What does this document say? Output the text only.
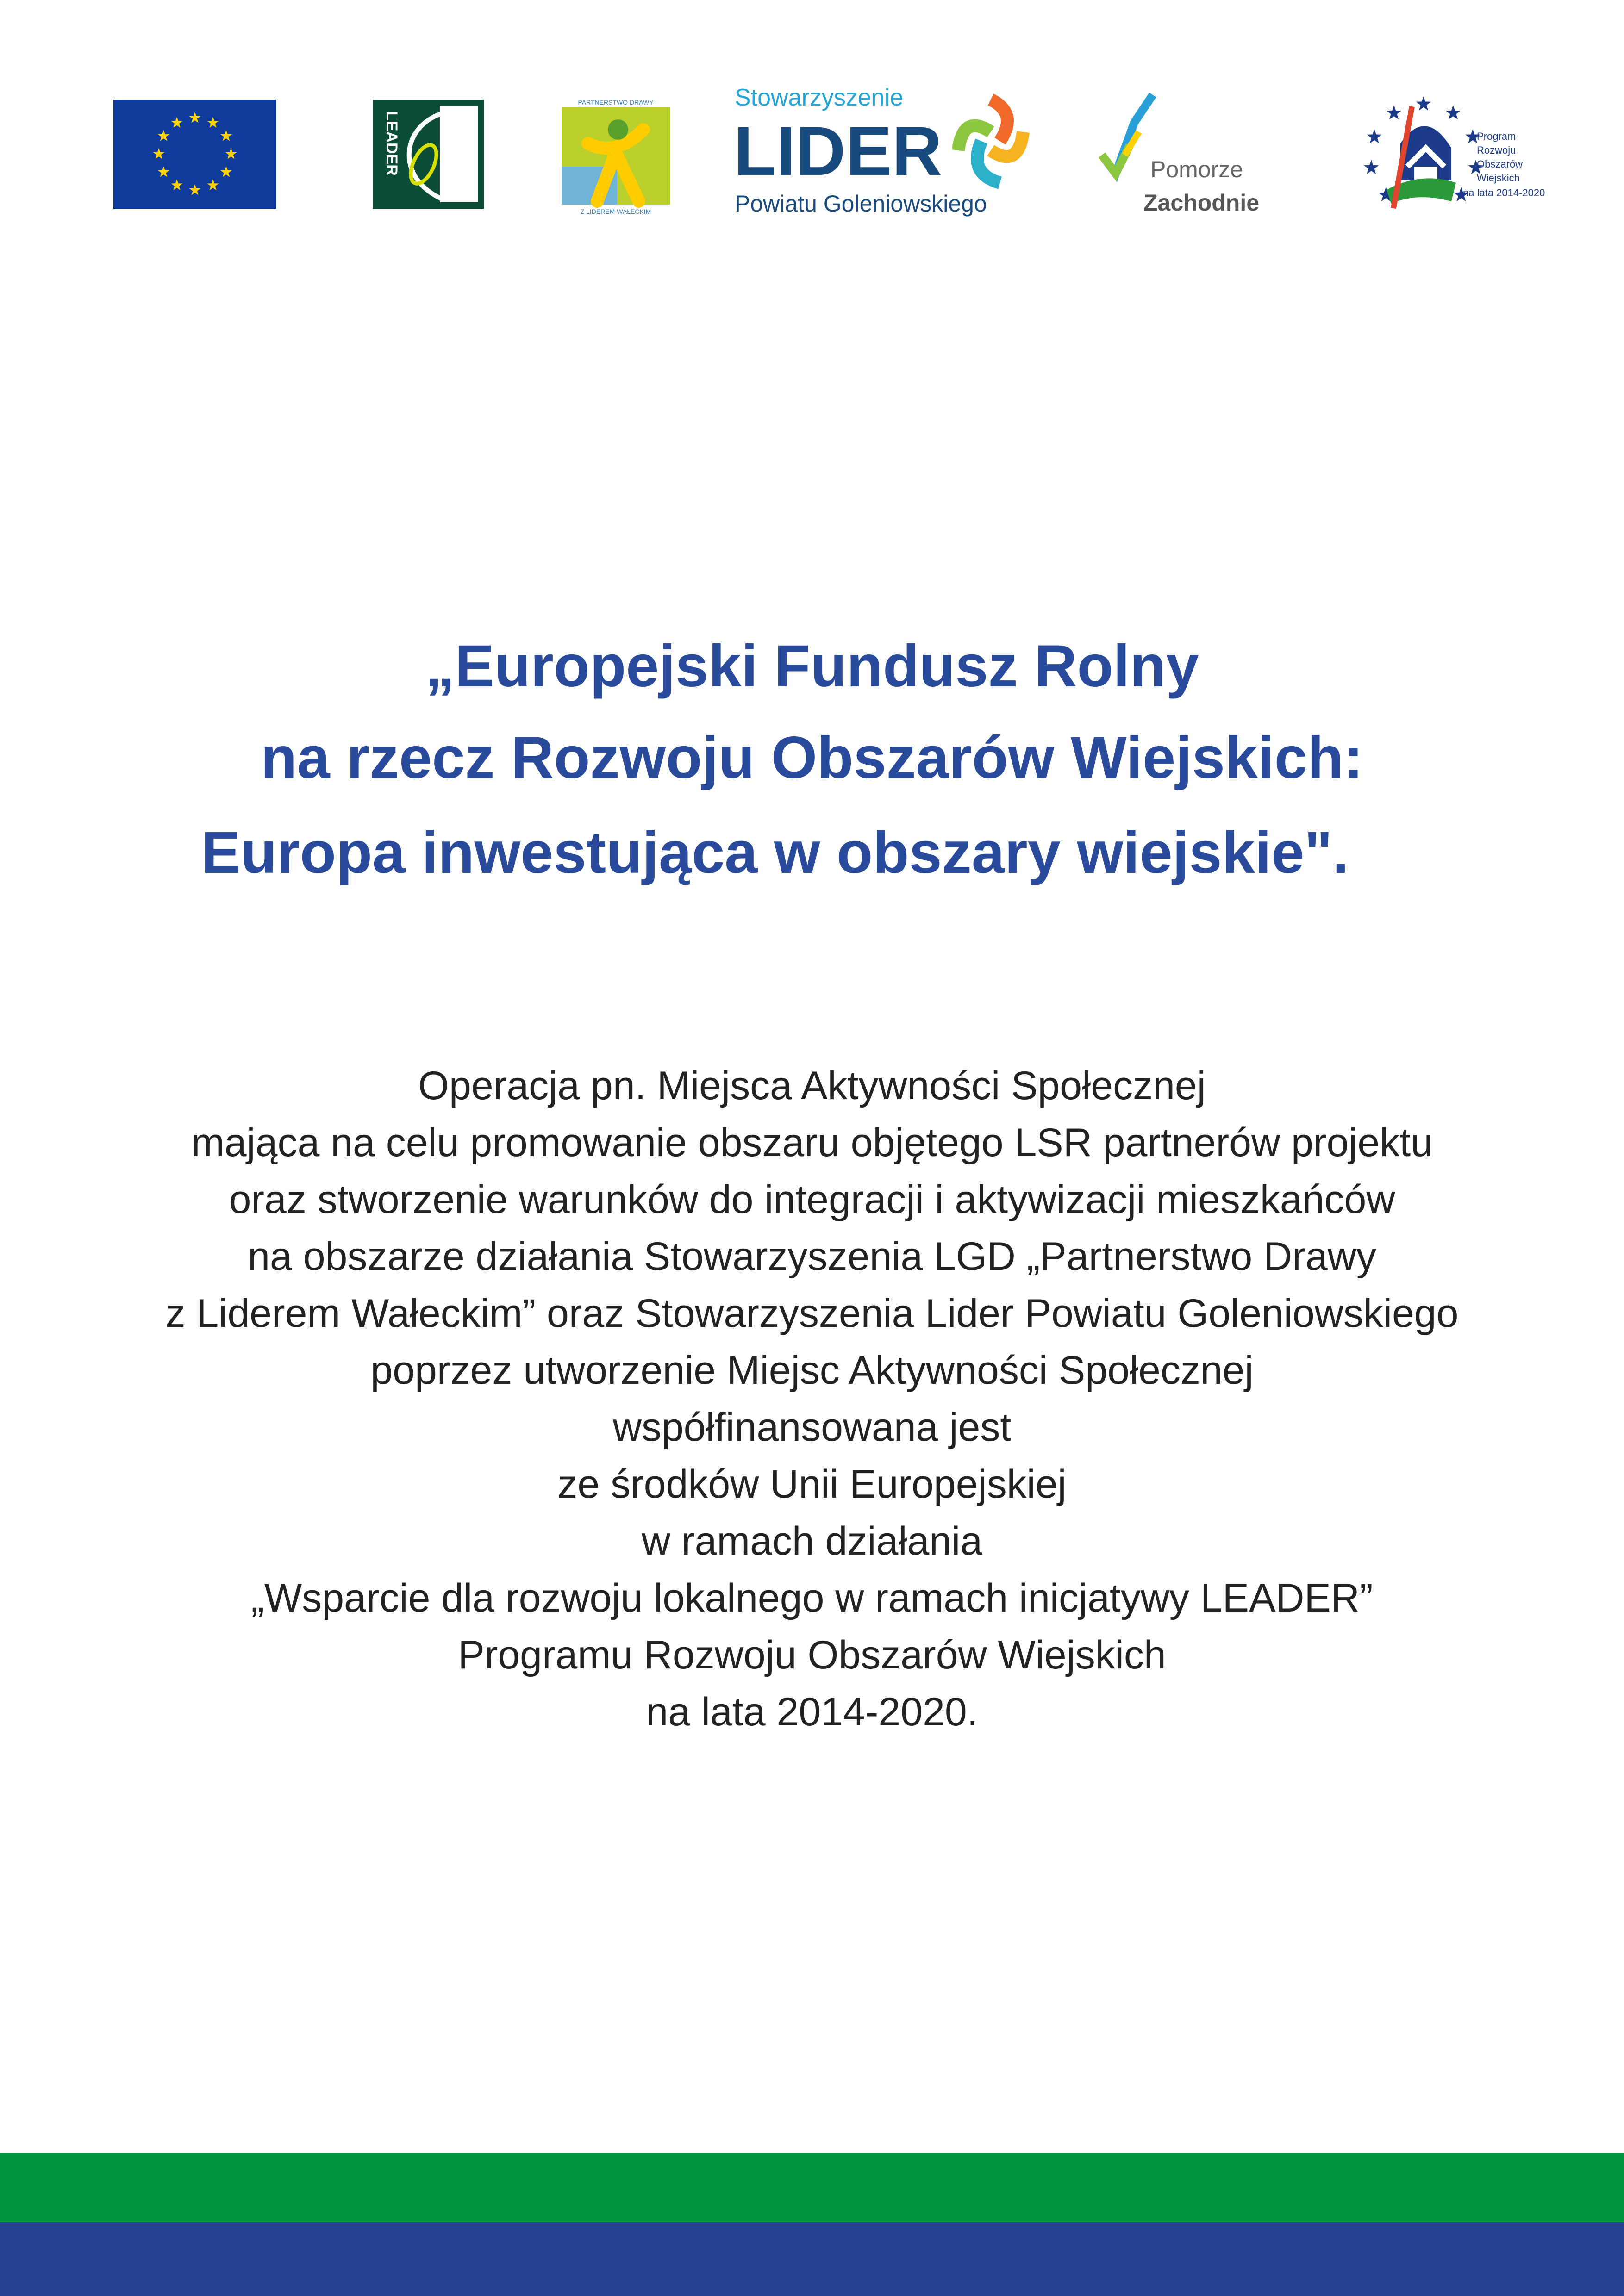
LEADER
PARTNERSTWO DRAWY
Z LIDEREM WAŁECKIM
Stowarzyszenie
LIDER
Powiatu Goleniowskiego
Pomorze
Zachodnie
Program
Rozwoju
Obszarów
Wiejskich
na lata 2014-2020
„Europejski Fundusz Rolny
na rzecz Rozwoju Obszarów Wiejskich:
Europa inwestująca w obszary wiejskie".
Operacja pn. Miejsca Aktywności Społecznej
mająca na celu promowanie obszaru objętego LSR partnerów projektu
oraz stworzenie warunków do integracji i aktywizacji mieszkańców
na obszarze działania Stowarzyszenia LGD „Partnerstwo Drawy
z Liderem Wałeckim” oraz Stowarzyszenia Lider Powiatu Goleniowskiego
poprzez utworzenie Miejsc Aktywności Społecznej
współfinansowana jest
ze środków Unii Europejskiej
w ramach działania
„Wsparcie dla rozwoju lokalnego w ramach inicjatywy LEADER”
Programu Rozwoju Obszarów Wiejskich
na lata 2014-2020.
